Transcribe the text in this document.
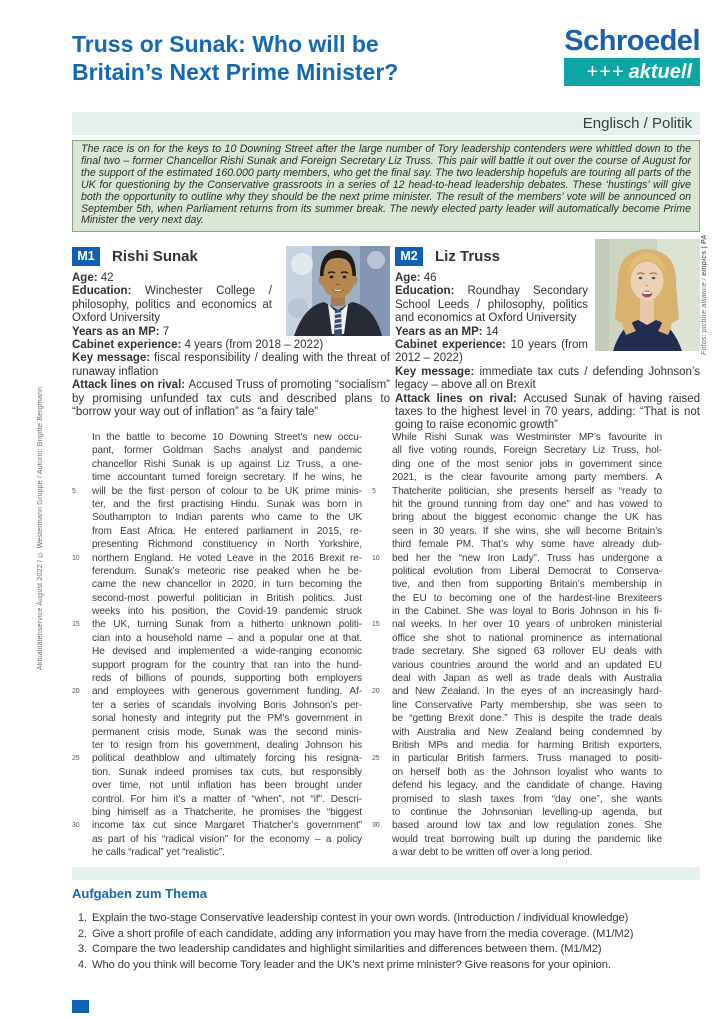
Aktualitätenservice August 2022 / © Westermann Gruppe / Autorin: Brigitte Bergmann
Fotos: picture alliance / empics | PA
Truss or Sunak: Who will be
Britain’s Next Prime Minister?
Schroedel
+++ aktuell
Englisch / Politik

The race is on for the keys to 10 Downing Street after the large number of Tory leadership contenders were whittled down to the final two – former Chancellor Rishi Sunak and Foreign Secretary Liz Truss. This pair will battle it out over the course of August for the support of the estimated 160.000 party members, who get the final say. The two leadership hopefuls are touring all parts of the UK for questioning by the Conservative grassroots in a series of 12 head-to-head leadership debates. These ‘hustings’ will give both the opportunity to outline why they should be the next prime minister. The result of the members’ vote will be announced on September 5th, when Parliament returns from its summer break. The newly elected party leader will automatically become Prime Minister the very next day.

M1	Rishi Sunak
Age: 42
Education: Winchester College / philosophy, politics and economics at Oxford University
Years as an MP: 7
Cabinet experience: 4 years (from 2018 – 2022)
Key message: fiscal responsibility / dealing with the threat of runaway inflation
Attack lines on rival: Accused Truss of promoting “socialism” by promising unfunded tax cuts and described plans to “borrow your way out of inflation” as “a fairy tale”
M2	Liz Truss
Age: 46
Education: Roundhay Secondary School Leeds / philosophy, politics and economics at Oxford University
Years as an MP: 14
Cabinet experience: 10 years (from 2012 – 2022)
Key message: immediate tax cuts / defending Johnson’s legacy – above all on Brexit
Attack lines on rival: Accused Sunak of having raised taxes to the highest level in 70 years, adding: “That is not going to raise economic growth”
In the battle to become 10 Downing Street’s new occu-
pant, former Goldman Sachs analyst and pandemic
chancellor Rishi Sunak is up against Liz Truss, a one-
time accountant turned foreign secretary. If he wins, he
5	will be the first person of colour to be UK prime minis-
ter, and the first practising Hindu. Sunak was born in
Southampton to Indian parents who came to the UK
from East Africa. He entered parliament in 2015, re-
presenting Richmond constituency in North Yorkshire,
10	northern England. He voted Leave in the 2016 Brexit re-
ferendum. Sunak’s meteoric rise peaked when he be-
came the new chancellor in 2020, in turn becoming the
second-most powerful politician in British politics. Just
weeks into his position, the Covid-19 pandemic struck
15	the UK, turning Sunak from a hitherto unknown politi-
cian into a household name – and a popular one at that.
He devised and implemented a wide-ranging economic
support program for the country that ran into the hund-
reds of billions of pounds, supporting both employers
20	and employees with generous government funding. Af-
ter a series of scandals involving Boris Johnson’s per-
sonal honesty and integrity put the PM’s government in
permanent crisis mode, Sunak was the second minis-
ter to resign from his government, dealing Johnson his
25	political deathblow and ultimately forcing his resigna-
tion. Sunak indeed promises tax cuts, but responsibly
over time, not until inflation has been brought under
control. For him it’s a matter of “when”, not “if”. Descri-
bing himself as a Thatcherite, he promises the “biggest
30	income tax cut since Margaret Thatcher’s government”
as part of his “radical vision” for the economy – a policy
he calls “radical” yet “realistic”.
While Rishi Sunak was Westminster MP’s favourite in
all five voting rounds, Foreign Secretary Liz Truss, hol-
ding one of the most senior jobs in government since
2021, is the clear favourite among party members. A
5	Thatcherite politician, she presents herself as “ready to
hit the ground running from day one” and has vowed to
bring about the biggest economic change the UK has
seen in 30 years. If she wins, she will become Britain’s
third female PM. That’s why some have already dub-
10	bed her the “new Iron Lady”. Truss has undergone a
political evolution from Liberal Democrat to Conserva-
tive, and then from supporting Britain’s membership in
the EU to becoming one of the hardest-line Brexiteers
in the Cabinet. She was loyal to Boris Johnson in his fi-
15	nal weeks. In her over 10 years of unbroken ministerial
office she shot to national prominence as international
trade secretary. She signed 63 rollover EU deals with
various countries around the world and an updated EU
deal with Japan as well as trade deals with Australia
20	and New Zealand. In the eyes of an increasingly hard-
line Conservative Party membership, she was seen to
be “getting Brexit done.” This is despite the trade deals
with Australia and New Zealand being condemned by
British MPs and media for harming British exporters,
25	in particular British farmers. Truss managed to positi-
on herself both as the Johnson loyalist who wants to
defend his legacy, and the candidate of change. Having
promised to slash taxes from “day one”, she wants
to continue the Johnsonian levelling-up agenda, but
30	based around low tax and low regulation zones. She
would treat borrowing built up during the pandemic like
a war debt to be written off over a long period.
Aufgaben zum Thema
1. Explain the two-stage Conservative leadership contest in your own words. (Introduction / individual knowledge)
2. Give a short profile of each candidate, adding any information you may have from the media coverage. (M1/M2)
3. Compare the two leadership candidates and highlight similarities and differences between them. (M1/M2)
4. Who do you think will become Tory leader and the UK’s next prime minister? Give reasons for your opinion.
